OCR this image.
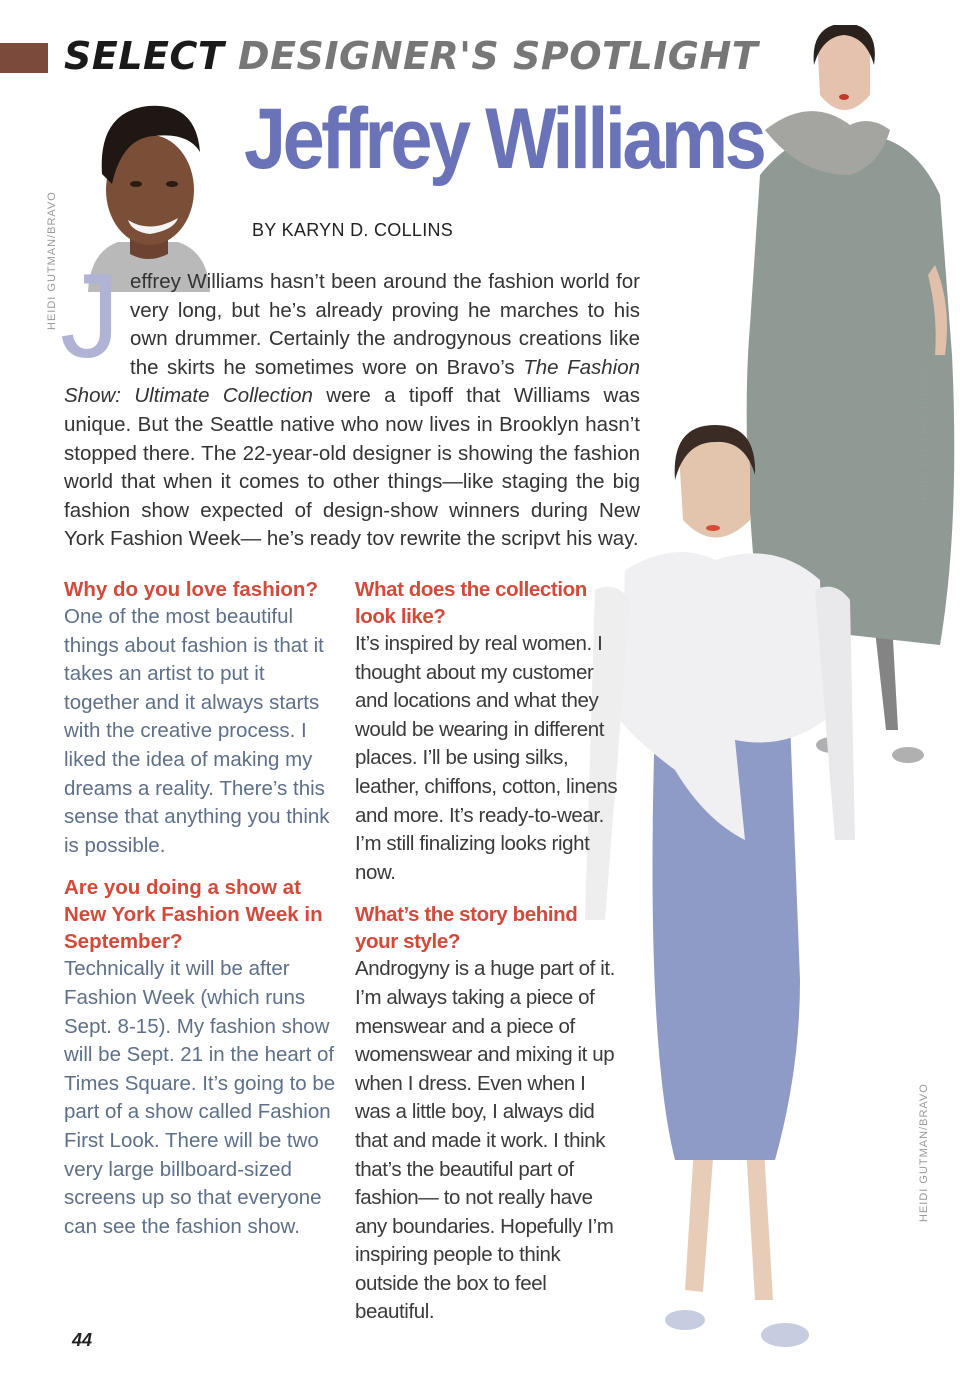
SELECT DESIGNER'S SPOTLIGHT
HEIDI GUTMAN/BRAVO
Jeffrey Williams
BY KARYN D. COLLINS
HEIDI GUTMAN/BRAVO
HEIDI GUTMAN/BRAVO

Jeffrey Williams hasn’t been around the fashion world for very long, but he’s already proving he marches to his own drummer. Certainly the androgynous creations like the skirts he sometimes wore on Bravo’s The Fashion Show: Ultimate Collection were a tipoff that Williams was unique. But the Seattle native who now lives in Brooklyn hasn’t stopped there. The 22-year-old designer is showing the fashion world that when it comes to other things—like staging the big fashion show expected of design-show winners during New York Fashion Week— he’s ready tov rewrite the scripvt his way.

Why do you love fashion?

One of the most beautiful things about fashion is that it takes an artist to put it together and it always starts with the creative process. I liked the idea of making my dreams a reality. There’s this sense that anything you think is possible.

Are you doing a show at New York Fashion Week in September?

Technically it will be after Fashion Week (which runs Sept. 8-15). My fashion show will be Sept. 21 in the heart of Times Square. It’s going to be part of a show called Fashion First Look. There will be two very large billboard-sized screens up so that everyone can see the fashion show.

What does the collection look like?

It’s inspired by real women. I thought about my customer and locations and what they would be wearing in different places. I’ll be using silks, leather, chiffons, cotton, linens and more. It’s ready-to-wear. I’m still finalizing looks right now.

What’s the story behind your style?

Androgyny is a huge part of it. I’m always taking a piece of menswear and a piece of womenswear and mixing it up when I dress. Even when I was a little boy, I always did that and made it work. I think that’s the beautiful part of fashion— to not really have any boundaries. Hopefully I’m inspiring people to think outside the box to feel beautiful.

44
